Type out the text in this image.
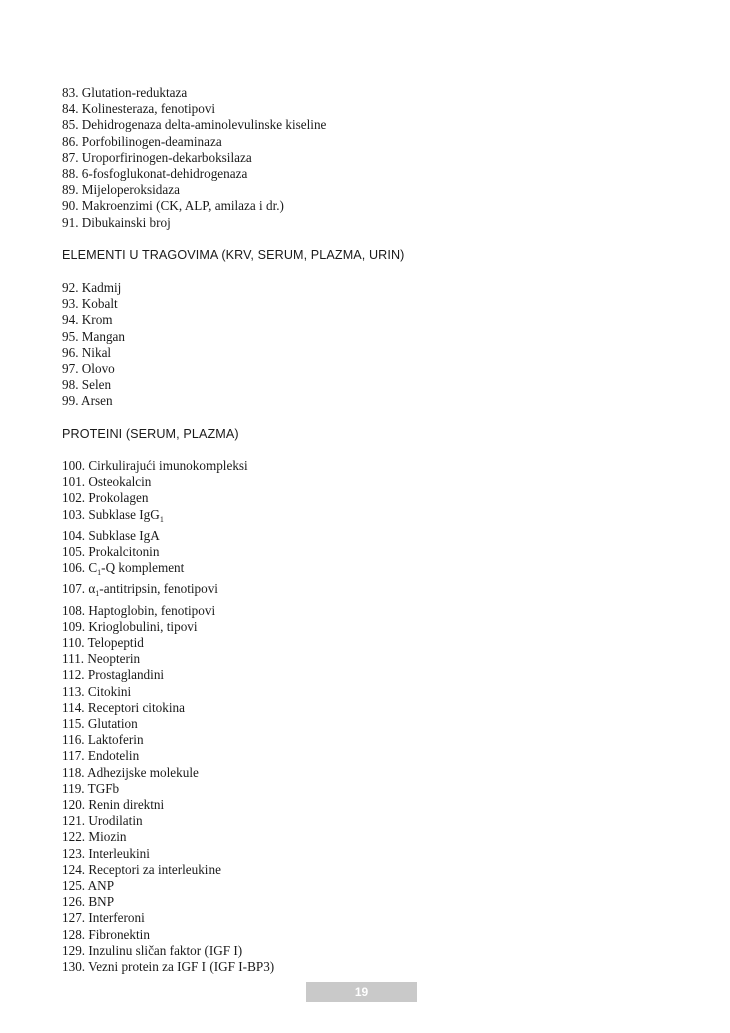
83. Glutation-reduktaza
84. Kolinesteraza, fenotipovi
85. Dehidrogenaza delta-aminolevulinske kiseline
86. Porfobilinogen-deaminaza
87. Uroporfirinogen-dekarboksilaza
88. 6-fosfoglukonat-dehidrogenaza
89. Mijeloperoksidaza
90. Makroenzimi (CK, ALP, amilaza i dr.)
91. Dibukainski broj
ELEMENTI U TRAGOVIMA (KRV, SERUM, PLAZMA, URIN)
92. Kadmij
93. Kobalt
94. Krom
95. Mangan
96. Nikal
97. Olovo
98. Selen
99. Arsen
PROTEINI (SERUM, PLAZMA)
100. Cirkulirajući imunokompleksi
101. Osteokalcin
102. Prokolagen
103. Subklase IgG$_1$
104. Subklase IgA
105. Prokalcitonin
106. $C_1-Q$ komplement
107. $\alpha_1$-antitripsin, fenotipovi
108. Haptoglobin, fenotipovi
109. Krioglobulini, tipovi
110. Telopeptid
111. Neopterin
112. Prostaglandini
113. Citokini
114. Receptori citokina
115. Glutation
116. Laktoferin
117. Endotelin
118. Adhezijske molekule
119. TGFb
120. Renin direktni
121. Urodilatin
122. Miozin
123. Interleukini
124. Receptori za interleukine
125. ANP
126. BNP
127. Interferoni
128. Fibronektin
129. Inzulinu sličan faktor (IGF I)
130. Vezni protein za IGF I (IGF I-BP3)
19
